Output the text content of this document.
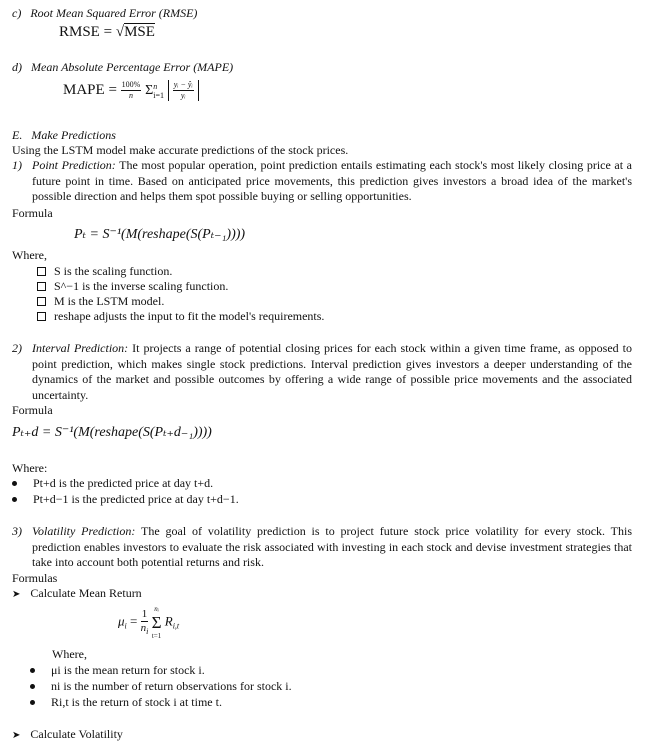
c) Root Mean Squared Error (RMSE)
RMSE = √MSE
d) Mean Absolute Percentage Error (MAPE)
MAPE = $\frac{100\%}{n}$ Σ n
i=1
$\frac{\text{yᵢ − ŷᵢ}}{\text{yᵢ}}$
E. Make Predictions
Using the LSTM model make accurate predictions of the stock prices.
1) Point Prediction: The most popular operation, point prediction entails estimating each stock's most likely closing price at a future point in time. Based on anticipated price movements, this prediction gives investors a broad idea of the market's possible direction and helps them spot possible buying or selling opportunities.
Formula
Pₜ = S⁻¹(M(reshape(S(Pₜ₋₁))))
Where,
S is the scaling function.
S^−1 is the inverse scaling function.
M is the LSTM model.
reshape adjusts the input to fit the model's requirements.
2) Interval Prediction: It projects a range of potential closing prices for each stock within a given time frame, as opposed to point prediction, which makes single stock predictions. Interval prediction gives investors a deeper understanding of the dynamics of the market and possible outcomes by offering a wide range of possible price movements and the associated uncertainty.
Formula
Pₜ₊d = S⁻¹(M(reshape(S(Pₜ₊d₋₁))))
Where:
Pt+d is the predicted price at day t+d.
Pt+d−1 is the predicted price at day t+d−1.
3) Volatility Prediction: The goal of volatility prediction is to project future stock price volatility for every stock. This prediction enables investors to evaluate the risk associated with investing in each stock and devise investment strategies that take into account both potential returns and risk.
Formulas
➤ Calculate Mean Return
$\mu_i = \frac{1}{n_i}$
nᵢ
Σ
t=1
$R_{i,t}$
Where,
μi is the mean return for stock i.
ni is the number of return observations for stock i.
Ri,t is the return of stock i at time t.
➤ Calculate Volatility
